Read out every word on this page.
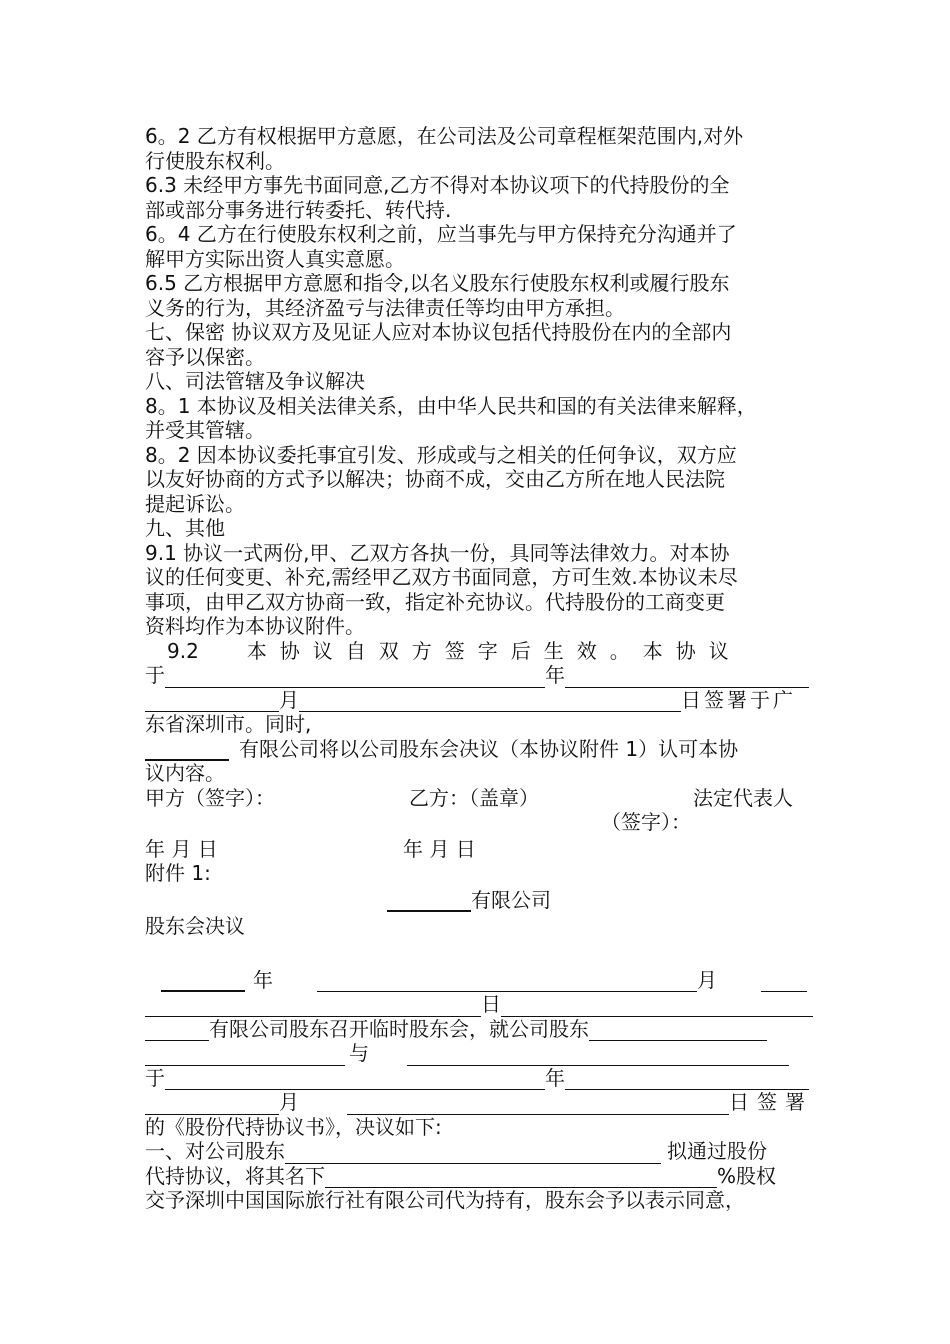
6。2 乙方有权根据甲方意愿，在公司法及公司章程框架范围内,对外

行使股东权利。

6.3 未经甲方事先书面同意,乙方不得对本协议项下的代持股份的全

部或部分事务进行转委托、转代持.

6。4 乙方在行使股东权利之前，应当事先与甲方保持充分沟通并了

解甲方实际出资人真实意愿。

6.5 乙方根据甲方意愿和指令,以名义股东行使股东权利或履行股东

义务的行为，其经济盈亏与法律责任等均由甲方承担。

七、保密 协议双方及见证人应对本协议包括代持股份在内的全部内

容予以保密。

八、司法管辖及争议解决

8。1 本协议及相关法律关系，由中华人民共和国的有关法律来解释，

并受其管辖。

8。2 因本协议委托事宜引发、形成或与之相关的任何争议，双方应

以友好协商的方式予以解决；协商不成，交由乙方所在地人民法院

提起诉讼。

九、其他

9.1 协议一式两份,甲、乙双方各执一份，具同等法律效力。对本协

议的任何变更、补充,需经甲乙双方书面同意，方可生效.本协议未尽

事项，由甲乙双方协商一致，指定补充协议。代持股份的工商变更

资料均作为本协议附件。

9.2 本协议自双方签字后生效。本协议
于	年
月	日签署于广

东省深圳市。同时,

有限公司将以公司股东会决议（本协议附件 1）认可本协

议内容。

甲方（签字）：	乙方：（盖章）	法定代表人
（签字）：
年 月 日	年 月 日

附件 1:

有限公司

股东会决议

年	月
日
有限公司股东召开临时股东会，就公司股东
与
于	年
月	日签署

的《股份代持协议书》，决议如下:

一、对公司股东	拟通过股份
代持协议，将其名下	%股权

交予深圳中国国际旅行社有限公司代为持有，股东会予以表示同意，
